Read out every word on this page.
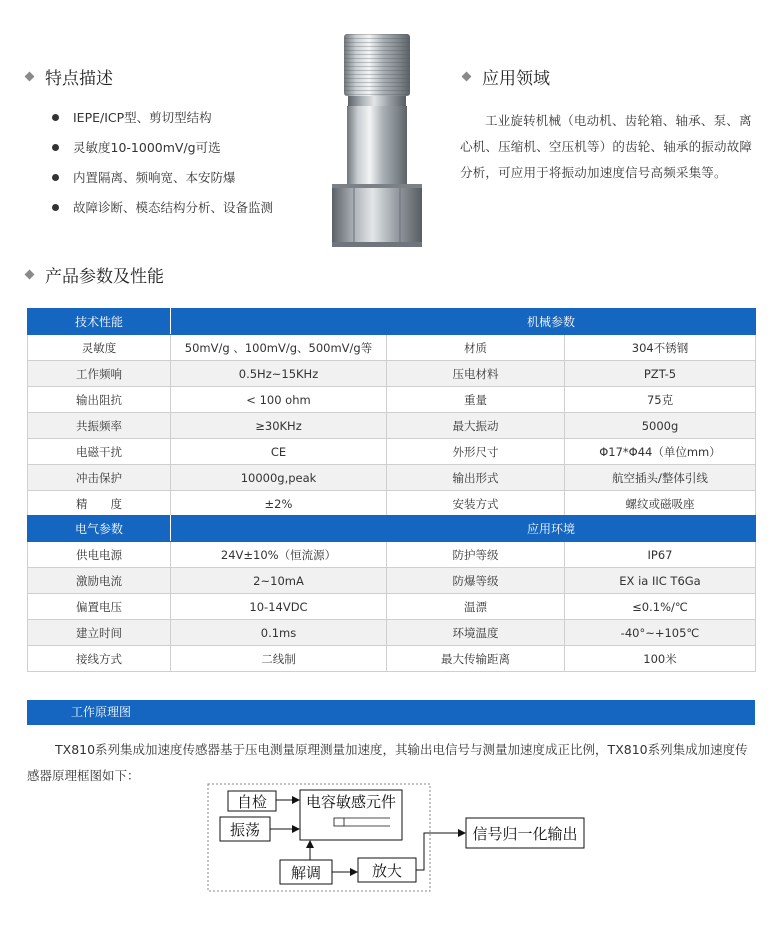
特点描述
IEPE/ICP型、剪切型结构
灵敏度10-1000mV/g可选
内置隔离、频响宽、本安防爆
故障诊断、模态结构分析、设备监测
应用领域
工业旋转机械（电动机、齿轮箱、轴承、泵、离心机、压缩机、空压机等）的齿轮、轴承的振动故障分析，可应用于将振动加速度信号高频采集等。
产品参数及性能
技术性能		机械参数	
灵敏度	50mV/g 、100mV/g、500mV/g等	材质	304不锈钢
工作频响	0.5Hz~15KHz	压电材料	PZT-5
输出阻抗	< 100 ohm	重量	75克
共振频率	≥30KHz	最大振动	5000g
电磁干扰	CE	外形尺寸	Φ17*Φ44（单位mm）
冲击保护	10000g,peak	输出形式	航空插头/整体引线
精　　度	±2%	安装方式	螺纹或磁吸座
电气参数		应用环境	
供电电源	24V±10%（恒流源）	防护等级	IP67
激励电流	2~10mA	防爆等级	EX ia IIC T6Ga
偏置电压	10-14VDC	温漂	≤0.1%/℃
建立时间	0.1ms	环境温度	-40°~+105℃
接线方式	二线制	最大传输距离	100米
工作原理图
TX810系列集成加速度传感器基于压电测量原理测量加速度，其输出电信号与测量加速度成正比例，TX810系列集成加速度传感器原理框图如下：
自检
振荡
电容敏感元件
解调	放大
信号归一化输出
